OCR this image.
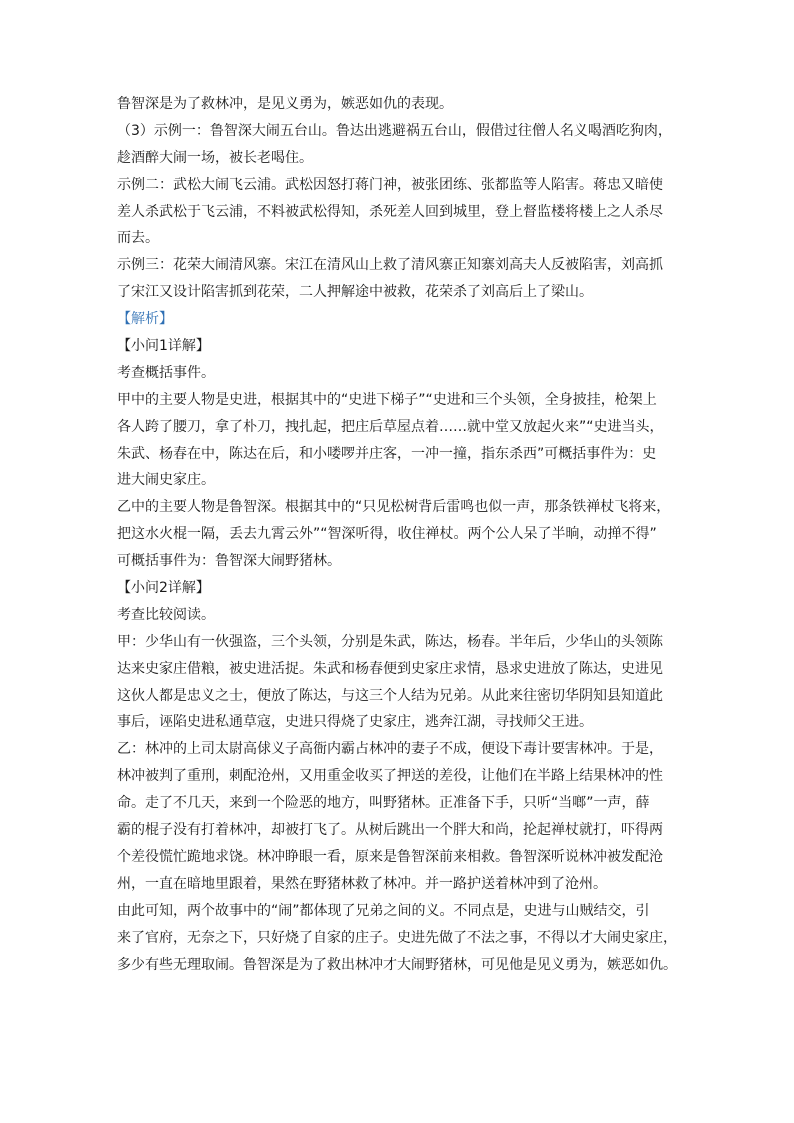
鲁智深是为了救林冲，是见义勇为，嫉恶如仇的表现。
（3）示例一：鲁智深大闹五台山。鲁达出逃避祸五台山，假借过往僧人名义喝酒吃狗肉，
趁酒醉大闹一场，被长老喝住。
示例二：武松大闹飞云浦。武松因怒打蒋门神，被张团练、张都监等人陷害。蒋忠又暗使
差人杀武松于飞云浦，不料被武松得知，杀死差人回到城里，登上督监楼将楼上之人杀尽
而去。
示例三：花荣大闹清风寨。宋江在清风山上救了清风寨正知寨刘高夫人反被陷害，刘高抓
了宋江又设计陷害抓到花荣，二人押解途中被救，花荣杀了刘高后上了梁山。
【解析】
【小问1详解】
考查概括事件。
甲中的主要人物是史进，根据其中的“史进下梯子”“史进和三个头领，全身披挂，枪架上
各人跨了腰刀，拿了朴刀，拽扎起，把庄后草屋点着……就中堂又放起火来”“史进当头，
朱武、杨春在中，陈达在后，和小喽啰并庄客，一冲一撞，指东杀西”可概括事件为：史
进大闹史家庄。
乙中的主要人物是鲁智深。根据其中的“只见松树背后雷鸣也似一声，那条铁禅杖飞将来，
把这水火棍一隔，丢去九霄云外”“智深听得，收住禅杖。两个公人呆了半晌，动掸不得”
可概括事件为：鲁智深大闹野猪林。
【小问2详解】
考查比较阅读。
甲：少华山有一伙强盗，三个头领，分别是朱武，陈达，杨春。半年后，少华山的头领陈
达来史家庄借粮，被史进活捉。朱武和杨春便到史家庄求情，恳求史进放了陈达，史进见
这伙人都是忠义之士，便放了陈达，与这三个人结为兄弟。从此来往密切华阴知县知道此
事后，诬陷史进私通草寇，史进只得烧了史家庄，逃奔江湖，寻找师父王进。
乙：林冲的上司太尉高俅义子高衙内霸占林冲的妻子不成，便设下毒计要害林冲。于是，
林冲被判了重刑，刺配沧州，又用重金收买了押送的差役，让他们在半路上结果林冲的性
命。走了不几天，来到一个险恶的地方，叫野猪林。正准备下手，只听“当啷”一声，薛
霸的棍子没有打着林冲，却被打飞了。从树后跳出一个胖大和尚，抡起禅杖就打，吓得两
个差役慌忙跪地求饶。林冲睁眼一看，原来是鲁智深前来相救。鲁智深听说林冲被发配沧
州，一直在暗地里跟着，果然在野猪林救了林冲。并一路护送着林冲到了沧州。
由此可知，两个故事中的“闹”都体现了兄弟之间的义。不同点是，史进与山贼结交，引
来了官府，无奈之下，只好烧了自家的庄子。史进先做了不法之事，不得以才大闹史家庄，
多少有些无理取闹。鲁智深是为了救出林冲才大闹野猪林，可见他是见义勇为，嫉恶如仇。
